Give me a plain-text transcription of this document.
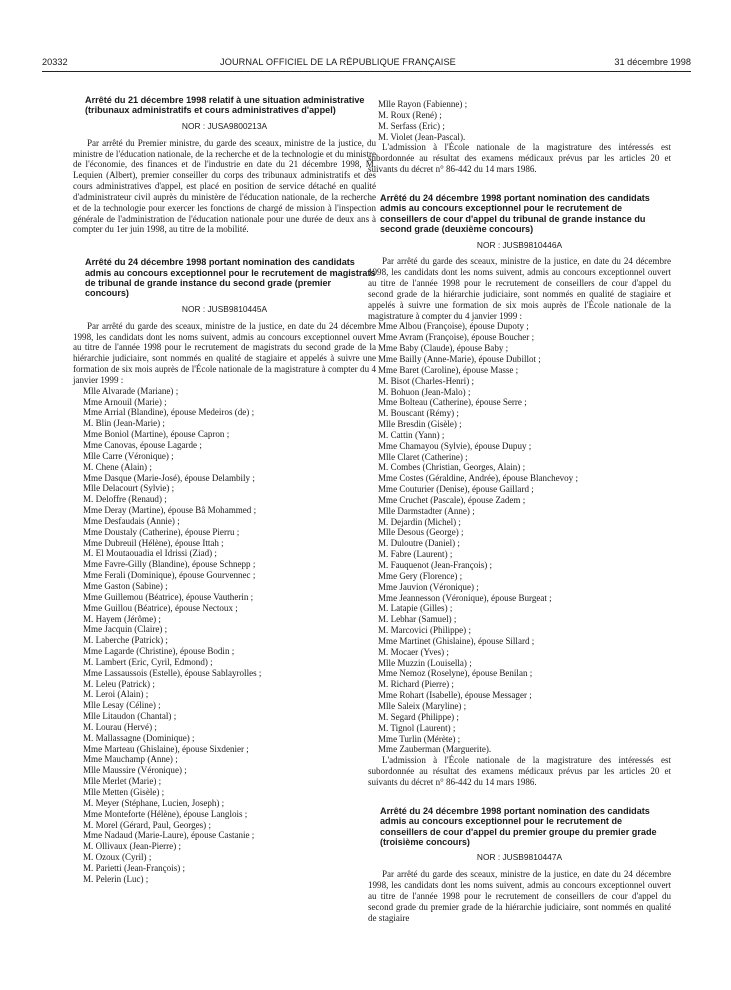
20332	JOURNAL OFFICIEL DE LA RÉPUBLIQUE FRANÇAISE	31 décembre 1998

Arrêté du 21 décembre 1998 relatif à une situation administrative (tribunaux administratifs et cours administratives d'appel)

NOR : JUSA9800213A

Par arrêté du Premier ministre, du garde des sceaux, ministre de la justice, du ministre de l'éducation nationale, de la recherche et de la technologie et du ministre de l'économie, des finances et de l'industrie en date du 21 décembre 1998, M. Lequien (Albert), premier conseiller du corps des tribunaux administratifs et des cours administratives d'appel, est placé en position de service détaché en qualité d'administrateur civil auprès du ministère de l'éducation nationale, de la recherche et de la technologie pour exercer les fonctions de chargé de mission à l'inspection générale de l'administration de l'éducation nationale pour une durée de deux ans à compter du 1er juin 1998, au titre de la mobilité.

Arrêté du 24 décembre 1998 portant nomination des candidats admis au concours exceptionnel pour le recrutement de magistrats de tribunal de grande instance du second grade (premier concours)

NOR : JUSB9810445A

Par arrêté du garde des sceaux, ministre de la justice, en date du 24 décembre 1998, les candidats dont les noms suivent, admis au concours exceptionnel ouvert au titre de l'année 1998 pour le recrutement de magistrats du second grade de la hiérarchie judiciaire, sont nommés en qualité de stagiaire et appelés à suivre une formation de six mois auprès de l'École nationale de la magistrature à compter du 4 janvier 1999 :

Mlle Alvarade (Mariane) ;
Mme Arnouil (Marie) ;
Mme Arrial (Blandine), épouse Medeiros (de) ;
M. Blin (Jean-Marie) ;
Mme Boniol (Martine), épouse Capron ;
Mme Canovas, épouse Lagarde ;
Mlle Carre (Véronique) ;
M. Chene (Alain) ;
Mme Dasque (Marie-José), épouse Delambily ;
Mlle Delacourt (Sylvie) ;
M. Deloffre (Renaud) ;
Mme Deray (Martine), épouse Bâ Mohammed ;
Mme Desfaudais (Annie) ;
Mme Doustaly (Catherine), épouse Pierru ;
Mme Dubreuil (Hélène), épouse Ittah ;
M. El Moutaouadia el Idrissi (Ziad) ;
Mme Favre-Gilly (Blandine), épouse Schnepp ;
Mme Ferali (Dominique), épouse Gourvennec ;
Mme Gaston (Sabine) ;
Mme Guillemou (Béatrice), épouse Vautherin ;
Mme Guillou (Béatrice), épouse Nectoux ;
M. Hayem (Jérôme) ;
Mme Jacquin (Claire) ;
M. Laberche (Patrick) ;
Mme Lagarde (Christine), épouse Bodin ;
M. Lambert (Eric, Cyril, Edmond) ;
Mme Lassaussois (Estelle), épouse Sablayrolles ;
M. Leleu (Patrick) ;
M. Leroi (Alain) ;
Mlle Lesay (Céline) ;
Mlle Litaudon (Chantal) ;
M. Lourau (Hervé) ;
M. Mallassagne (Dominique) ;
Mme Marteau (Ghislaine), épouse Sixdenier ;
Mme Mauchamp (Anne) ;
Mlle Maussire (Véronique) ;
Mlle Merlet (Marie) ;
Mlle Metten (Gisèle) ;
M. Meyer (Stéphane, Lucien, Joseph) ;
Mme Monteforte (Hélène), épouse Langlois ;
M. Morel (Gérard, Paul, Georges) ;
Mme Nadaud (Marie-Laure), épouse Castanie ;
M. Ollivaux (Jean-Pierre) ;
M. Ozoux (Cyril) ;
M. Parietti (Jean-François) ;
M. Pelerin (Luc) ;
Mlle Rayon (Fabienne) ;
M. Roux (René) ;
M. Serfass (Eric) ;
M. Violet (Jean-Pascal).

L'admission à l'École nationale de la magistrature des intéressés est subordonnée au résultat des examens médicaux prévus par les articles 20 et suivants du décret n° 86-442 du 14 mars 1986.

Arrêté du 24 décembre 1998 portant nomination des candidats admis au concours exceptionnel pour le recrutement de conseillers de cour d'appel du tribunal de grande instance du second grade (deuxième concours)

NOR : JUSB9810446A

Par arrêté du garde des sceaux, ministre de la justice, en date du 24 décembre 1998, les candidats dont les noms suivent, admis au concours exceptionnel ouvert au titre de l'année 1998 pour le recrutement de conseillers de cour d'appel du second grade de la hiérarchie judiciaire, sont nommés en qualité de stagiaire et appelés à suivre une formation de six mois auprès de l'École nationale de la magistrature à compter du 4 janvier 1999 :

Mme Albou (Françoise), épouse Dupoty ;
Mme Avram (Françoise), épouse Boucher ;
Mme Baby (Claude), épouse Baby ;
Mme Bailly (Anne-Marie), épouse Dubillot ;
Mme Baret (Caroline), épouse Masse ;
M. Bisot (Charles-Henri) ;
M. Bohuon (Jean-Malo) ;
Mme Bolteau (Catherine), épouse Serre ;
M. Bouscant (Rémy) ;
Mlle Bresdin (Gisèle) ;
M. Cattin (Yann) ;
Mme Chamayou (Sylvie), épouse Dupuy ;
Mlle Claret (Catherine) ;
M. Combes (Christian, Georges, Alain) ;
Mme Costes (Géraldine, Andrée), épouse Blanchevoy ;
Mme Couturier (Denise), épouse Gaillard ;
Mme Cruchet (Pascale), épouse Zadem ;
Mlle Darmstadter (Anne) ;
M. Dejardin (Michel) ;
Mlle Desous (George) ;
M. Duloutre (Daniel) ;
M. Fabre (Laurent) ;
M. Fauquenot (Jean-François) ;
Mme Gery (Florence) ;
Mme Jauvion (Véronique) ;
Mme Jeannesson (Véronique), épouse Burgeat ;
M. Latapie (Gilles) ;
M. Lebhar (Samuel) ;
M. Marcovici (Philippe) ;
Mme Martinet (Ghislaine), épouse Sillard ;
M. Mocaer (Yves) ;
Mlle Muzzin (Louisella) ;
Mme Nemoz (Roselyne), épouse Benilan ;
M. Richard (Pierre) ;
Mme Rohart (Isabelle), épouse Messager ;
Mlle Saleix (Maryline) ;
M. Segard (Philippe) ;
M. Tignol (Laurent) ;
Mme Turlin (Mérète) ;
Mme Zauberman (Marguerite).

L'admission à l'École nationale de la magistrature des intéressés est subordonnée au résultat des examens médicaux prévus par les articles 20 et suivants du décret n° 86-442 du 14 mars 1986.

Arrêté du 24 décembre 1998 portant nomination des candidats admis au concours exceptionnel pour le recrutement de conseillers de cour d'appel du premier groupe du premier grade (troisième concours)

NOR : JUSB9810447A

Par arrêté du garde des sceaux, ministre de la justice, en date du 24 décembre 1998, les candidats dont les noms suivent, admis au concours exceptionnel ouvert au titre de l'année 1998 pour le recrutement de conseillers de cour d'appel du second grade du premier grade de la hiérarchie judiciaire, sont nommés en qualité de stagiaire
